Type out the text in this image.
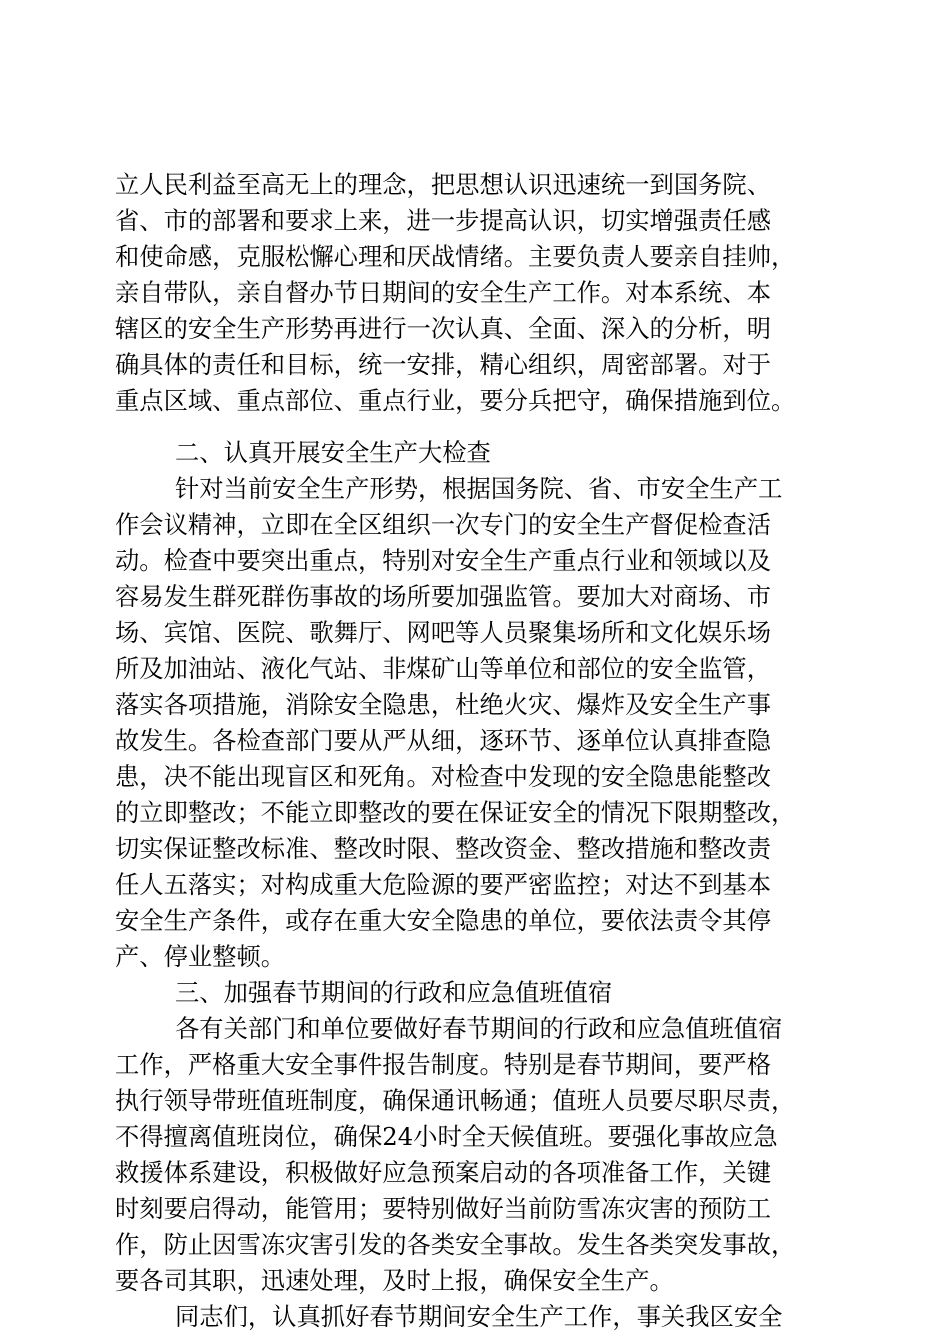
立人民利益至高无上的理念，把思想认识迅速统一到国务院、
省、市的部署和要求上来，进一步提高认识，切实增强责任感
和使命感，克服松懈心理和厌战情绪。主要负责人要亲自挂帅，
亲自带队，亲自督办节日期间的安全生产工作。对本系统、本
辖区的安全生产形势再进行一次认真、全面、深入的分析，明
确具体的责任和目标，统一安排，精心组织，周密部署。对于
重点区域、重点部位、重点行业，要分兵把守，确保措施到位。
二、认真开展安全生产大检查
针对当前安全生产形势，根据国务院、省、市安全生产工
作会议精神，立即在全区组织一次专门的安全生产督促检查活
动。检查中要突出重点，特别对安全生产重点行业和领域以及
容易发生群死群伤事故的场所要加强监管。要加大对商场、市
场、宾馆、医院、歌舞厅、网吧等人员聚集场所和文化娱乐场
所及加油站、液化气站、非煤矿山等单位和部位的安全监管，
落实各项措施，消除安全隐患，杜绝火灾、爆炸及安全生产事
故发生。各检查部门要从严从细，逐环节、逐单位认真排查隐
患，决不能出现盲区和死角。对检查中发现的安全隐患能整改
的立即整改；不能立即整改的要在保证安全的情况下限期整改，
切实保证整改标准、整改时限、整改资金、整改措施和整改责
任人五落实；对构成重大危险源的要严密监控；对达不到基本
安全生产条件，或存在重大安全隐患的单位，要依法责令其停
产、停业整顿。
三、加强春节期间的行政和应急值班值宿
各有关部门和单位要做好春节期间的行政和应急值班值宿
工作，严格重大安全事件报告制度。特别是春节期间，要严格
执行领导带班值班制度，确保通讯畅通；值班人员要尽职尽责，
不得擅离值班岗位，确保24小时全天候值班。要强化事故应急
救援体系建设，积极做好应急预案启动的各项准备工作，关键
时刻要启得动，能管用；要特别做好当前防雪冻灾害的预防工
作，防止因雪冻灾害引发的各类安全事故。发生各类突发事故，
要各司其职，迅速处理，及时上报，确保安全生产。
同志们，认真抓好春节期间安全生产工作，事关我区安全
